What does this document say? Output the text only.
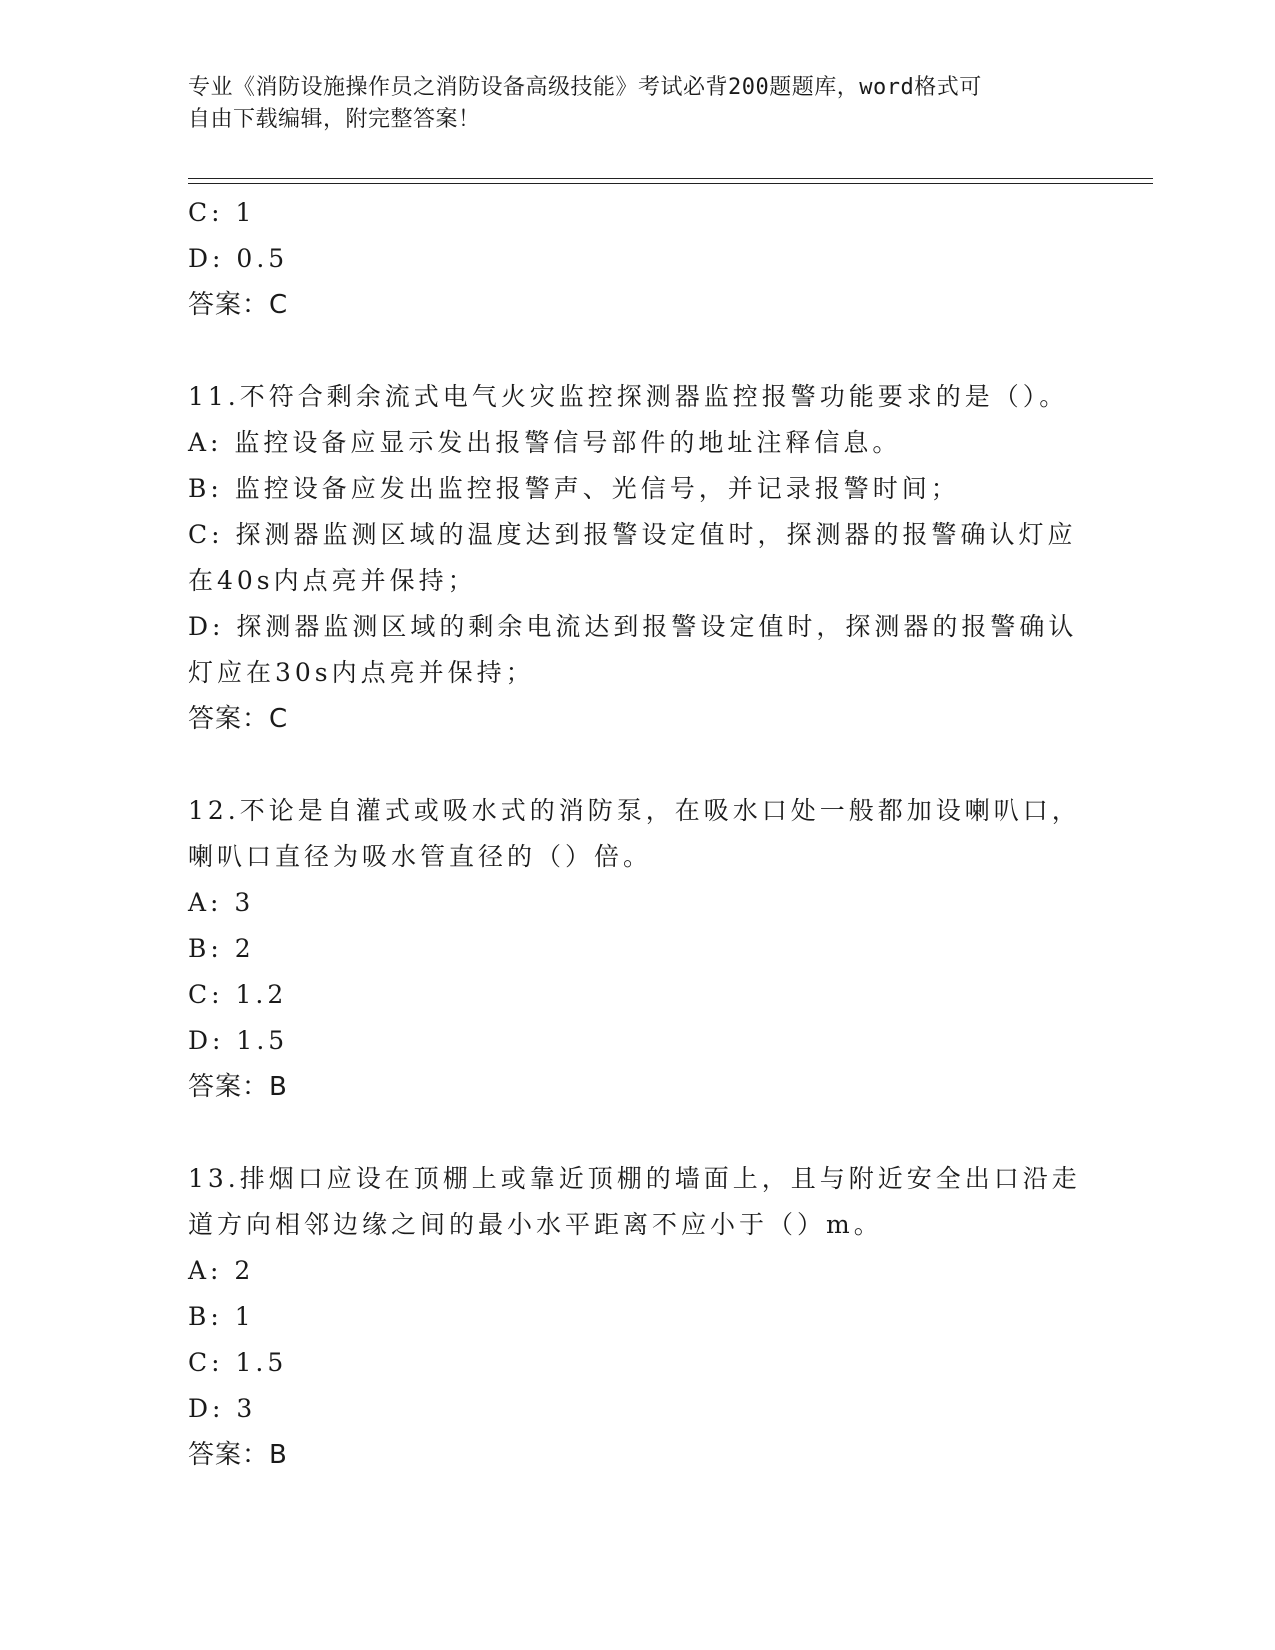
专业《消防设施操作员之消防设备高级技能》考试必背200题题库，word格式可
自由下载编辑，附完整答案！
C: 1
D: 0.5
答案：C
11.不符合剩余流式电气火灾监控探测器监控报警功能要求的是（）。
A: 监控设备应显示发出报警信号部件的地址注释信息。
B: 监控设备应发出监控报警声、光信号，并记录报警时间；
C: 探测器监测区域的温度达到报警设定值时，探测器的报警确认灯应
在40s内点亮并保持；
D: 探测器监测区域的剩余电流达到报警设定值时，探测器的报警确认
灯应在30s内点亮并保持；
答案：C
12.不论是自灌式或吸水式的消防泵，在吸水口处一般都加设喇叭口，
喇叭口直径为吸水管直径的（）倍。
A: 3
B: 2
C: 1.2
D: 1.5
答案：B
13.排烟口应设在顶棚上或靠近顶棚的墙面上，且与附近安全出口沿走
道方向相邻边缘之间的最小水平距离不应小于（）m。
A: 2
B: 1
C: 1.5
D: 3
答案：B
